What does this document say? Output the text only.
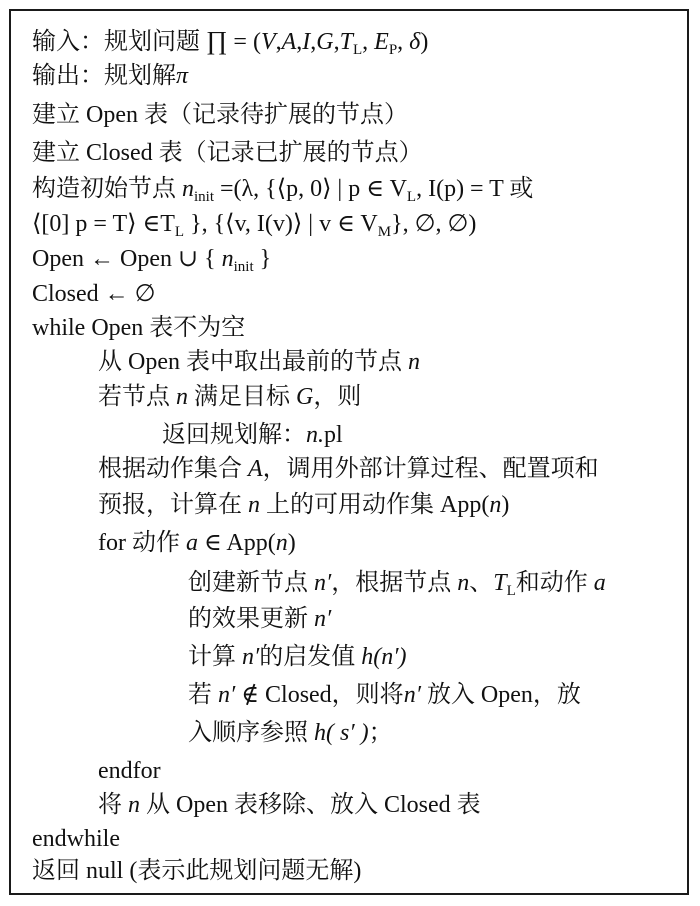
输入：规划问题 ∏ = ($V,A,I,G,T_L$, $E_P$, δ)
输出：规划解π
建立 Open 表（记录待扩展的节点）
建立 Closed 表（记录已扩展的节点）
构造初始节点 $n_{init} =(\lambda$, {⟨p, 0⟩ | p ∈ $V_L$, I(p) = T 或
⟨[0] p = T⟩ $\in T_L$ }, {⟨v, I(v)⟩ | v ∈ $V_M$}, ∅, ∅)
Open ← Open ∪ { $n_{init}$ }
Closed ← ∅
while Open 表不为空
从 Open 表中取出最前的节点 n
若节点 n 满足目标 G，则
返回规划解：n.pl
根据动作集合 A，调用外部计算过程、配置项和
预报，计算在 n 上的可用动作集 App(n)
for 动作 a ∈ App(n)
创建新节点 n′，根据节点 n、$T_L$和动作 a
的效果更新 n′
计算 n′的启发值 h(n′)
若 n′ ∉ Closed，则将n′ 放入 Open，放
入顺序参照 h( s′ )；
endfor
将 n 从 Open 表移除、放入 Closed 表
endwhile
返回 null (表示此规划问题无解)
